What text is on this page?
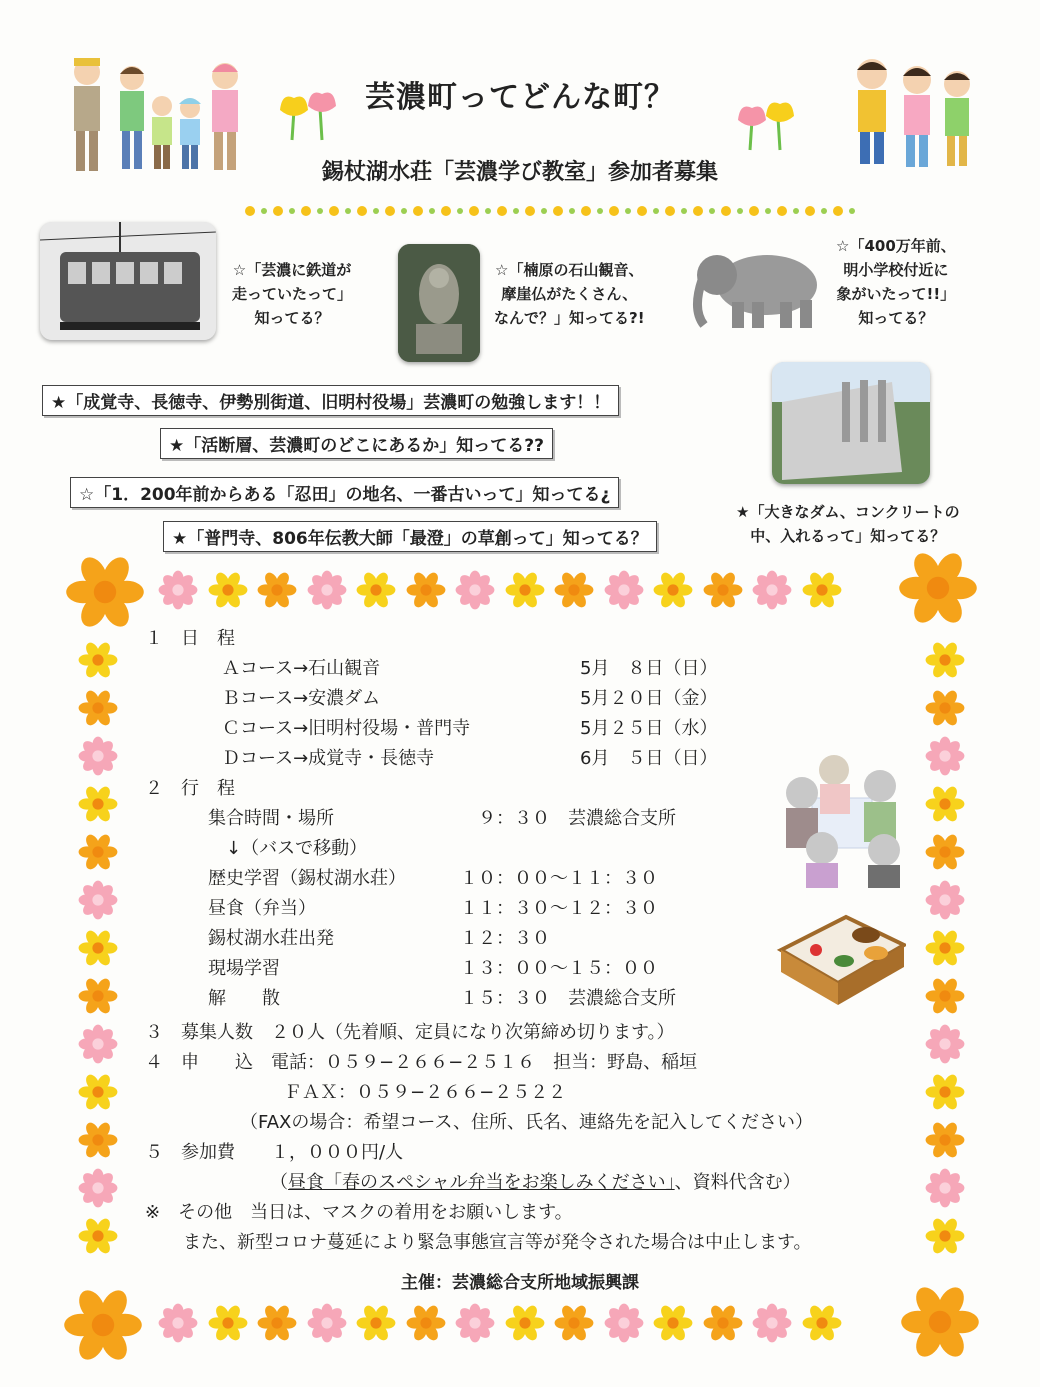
芸濃町ってどんな町？
錫杖湖水荘「芸濃学び教室」参加者募集
☆「芸濃に鉄道が
走っていたって」
知ってる？
☆「楠原の石山観音、
摩崖仏がたくさん、
なんで？」知ってる?!
☆「400万年前、
明小学校付近に
象がいたって!!」
知ってる？
★「大きなダム、コンクリートの
中、入れるって」知ってる？
★「成覚寺、長徳寺、伊勢別街道、旧明村役場」芸濃町の勉強します！！
★「活断層、芸濃町のどこにあるか」知ってる??
☆「1．200年前からある「忍田」の地名、一番古いって」知ってる¿
★「普門寺、806年伝教大師「最澄」の草創って」知ってる？
１　日　程
Ａコース→石山観音	5月　８日（日）
Ｂコース→安濃ダム	5月２０日（金）
Ｃコース→旧明村役場・普門寺	5月２５日（水）
Ｄコース→成覚寺・長徳寺	6月　５日（日）
２　行　程
集合時間・場所	　９：３０　芸濃総合支所
　↓（バスで移動）
歴史学習（錫杖湖水荘）	１０：００〜１１：３０
昼食（弁当）	１１：３０〜１２：３０
錫杖湖水荘出発	１２：３０
現場学習	１３：００〜１５：００
解　　散	１５：３０　芸濃総合支所
３　募集人数　２０人（先着順、定員になり次第締め切ります。）
４　申　　込　電話：０５９−２６６−２５１６　担当：野島、稲垣
ＦＡＸ：０５９−２６６−２５２２
（FAXの場合：希望コース、住所、氏名、連絡先を記入してください）
５　参加費　　１，０００円/人
（昼食「春のスペシャル弁当をお楽しみください」、資料代含む）
※　その他　当日は、マスクの着用をお願いします。
また、新型コロナ蔓延により緊急事態宣言等が発令された場合は中止します。
主催：芸濃総合支所地域振興課
